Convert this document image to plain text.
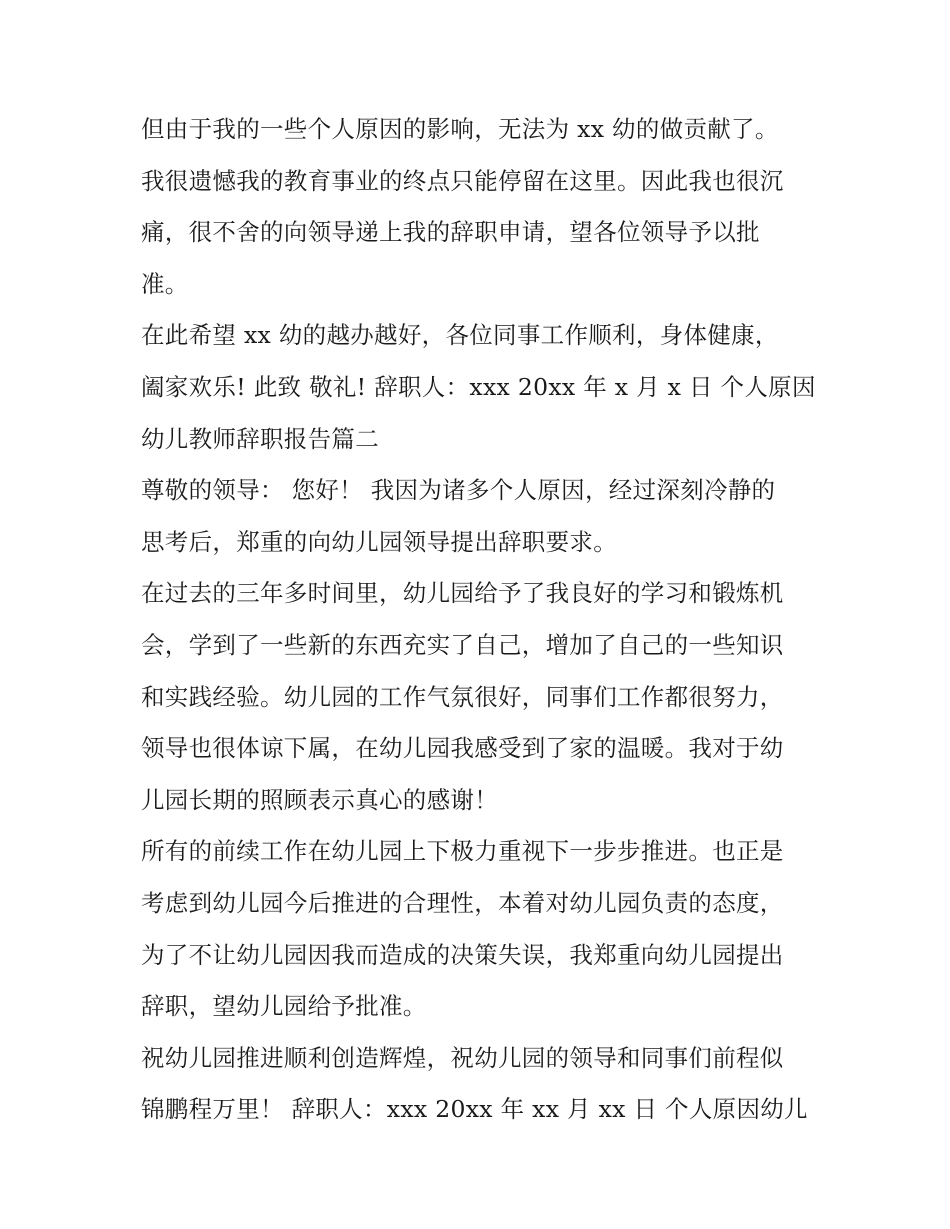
但由于我的一些个人原因的影响，无法为 xx 幼的做贡献了。
我很遗憾我的教育事业的终点只能停留在这里。因此我也很沉
痛，很不舍的向领导递上我的辞职申请，望各位领导予以批
准。
在此希望 xx 幼的越办越好，各位同事工作顺利，身体健康，
阖家欢乐! 此致 敬礼! 辞职人：xxx 20xx 年 x 月 x 日 个人原因
幼儿教师辞职报告篇二
尊敬的领导： 您好！ 我因为诸多个人原因，经过深刻冷静的
思考后，郑重的向幼儿园领导提出辞职要求。
在过去的三年多时间里，幼儿园给予了我良好的学习和锻炼机
会，学到了一些新的东西充实了自己，增加了自己的一些知识
和实践经验。幼儿园的工作气氛很好，同事们工作都很努力，
领导也很体谅下属，在幼儿园我感受到了家的温暖。我对于幼
儿园长期的照顾表示真心的感谢！
所有的前续工作在幼儿园上下极力重视下一步步推进。也正是
考虑到幼儿园今后推进的合理性，本着对幼儿园负责的态度，
为了不让幼儿园因我而造成的决策失误，我郑重向幼儿园提出
辞职，望幼儿园给予批准。
祝幼儿园推进顺利创造辉煌，祝幼儿园的领导和同事们前程似
锦鹏程万里！ 辞职人：xxx 20xx 年 xx 月 xx 日 个人原因幼儿
